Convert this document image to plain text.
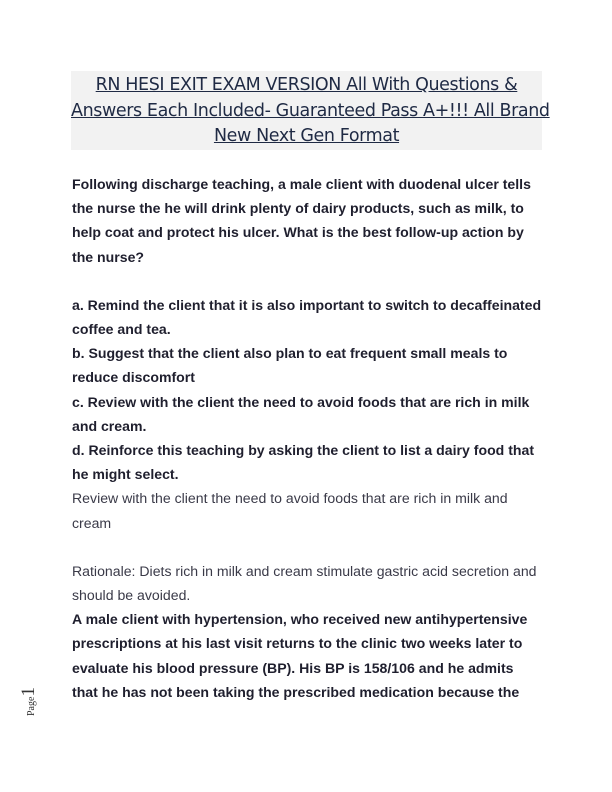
RN HESI EXIT EXAM VERSION All With Questions &
Answers Each Included- Guaranteed Pass A+!!! All Brand
New Next Gen Format

Following discharge teaching, a male client with duodenal ulcer tells

the nurse the he will drink plenty of dairy products, such as milk, to

help coat and protect his ulcer. What is the best follow-up action by

the nurse?

a. Remind the client that it is also important to switch to decaffeinated

coffee and tea.

b. Suggest that the client also plan to eat frequent small meals to

reduce discomfort

c. Review with the client the need to avoid foods that are rich in milk

and cream.

d. Reinforce this teaching by asking the client to list a dairy food that

he might select.

Review with the client the need to avoid foods that are rich in milk and

cream

Rationale: Diets rich in milk and cream stimulate gastric acid secretion and

should be avoided.

A male client with hypertension, who received new antihypertensive

prescriptions at his last visit returns to the clinic two weeks later to

evaluate his blood pressure (BP). His BP is 158/106 and he admits

that he has not been taking the prescribed medication because the

Page1
